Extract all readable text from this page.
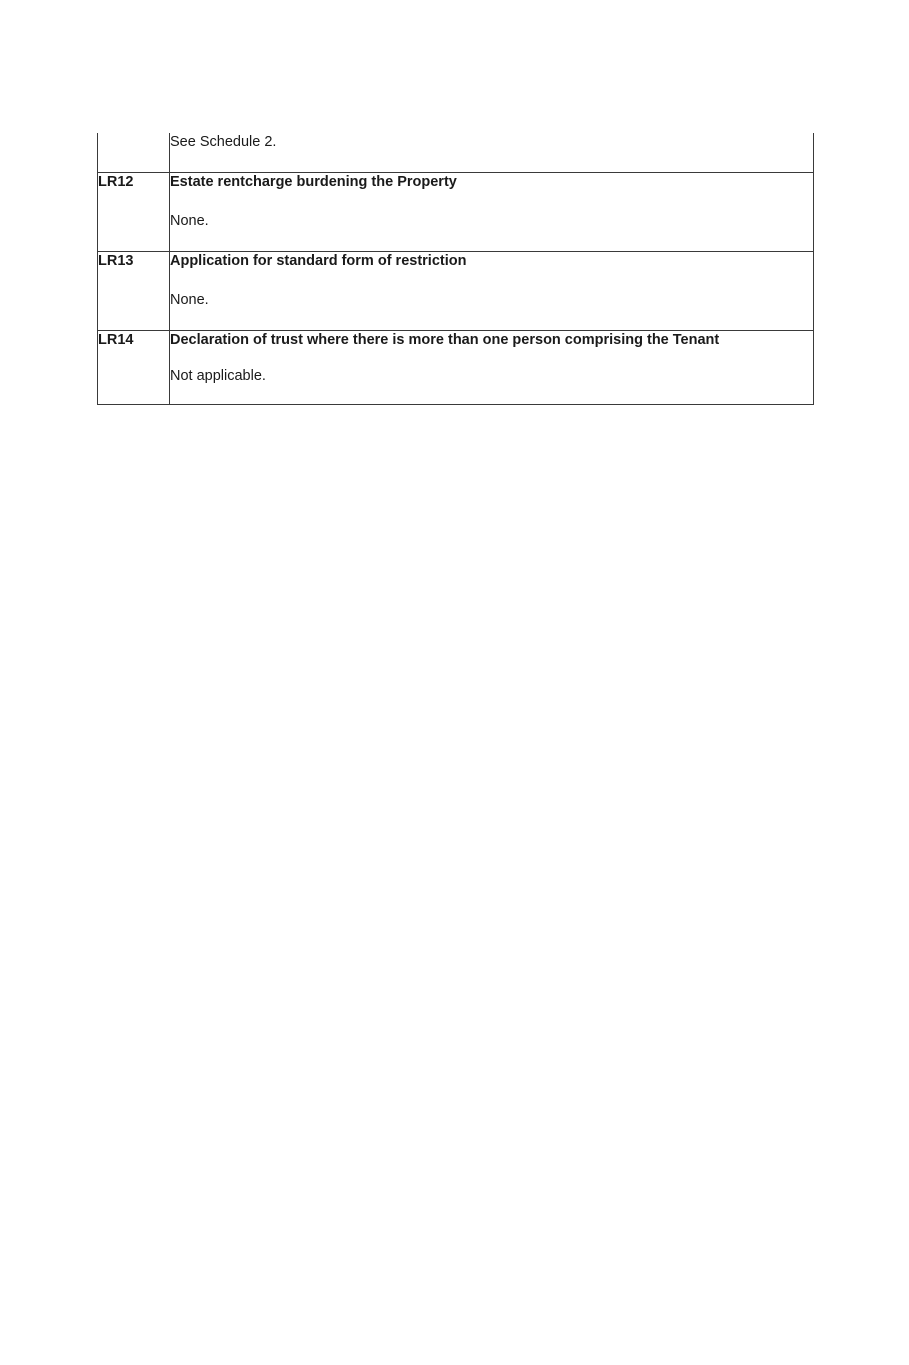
	See Schedule 2.

LR12	Estate rentcharge burdening the Property
None.

LR13	Application for standard form of restriction
None.

LR14	Declaration of trust where there is more than one person comprising the Tenant
Not applicable.
